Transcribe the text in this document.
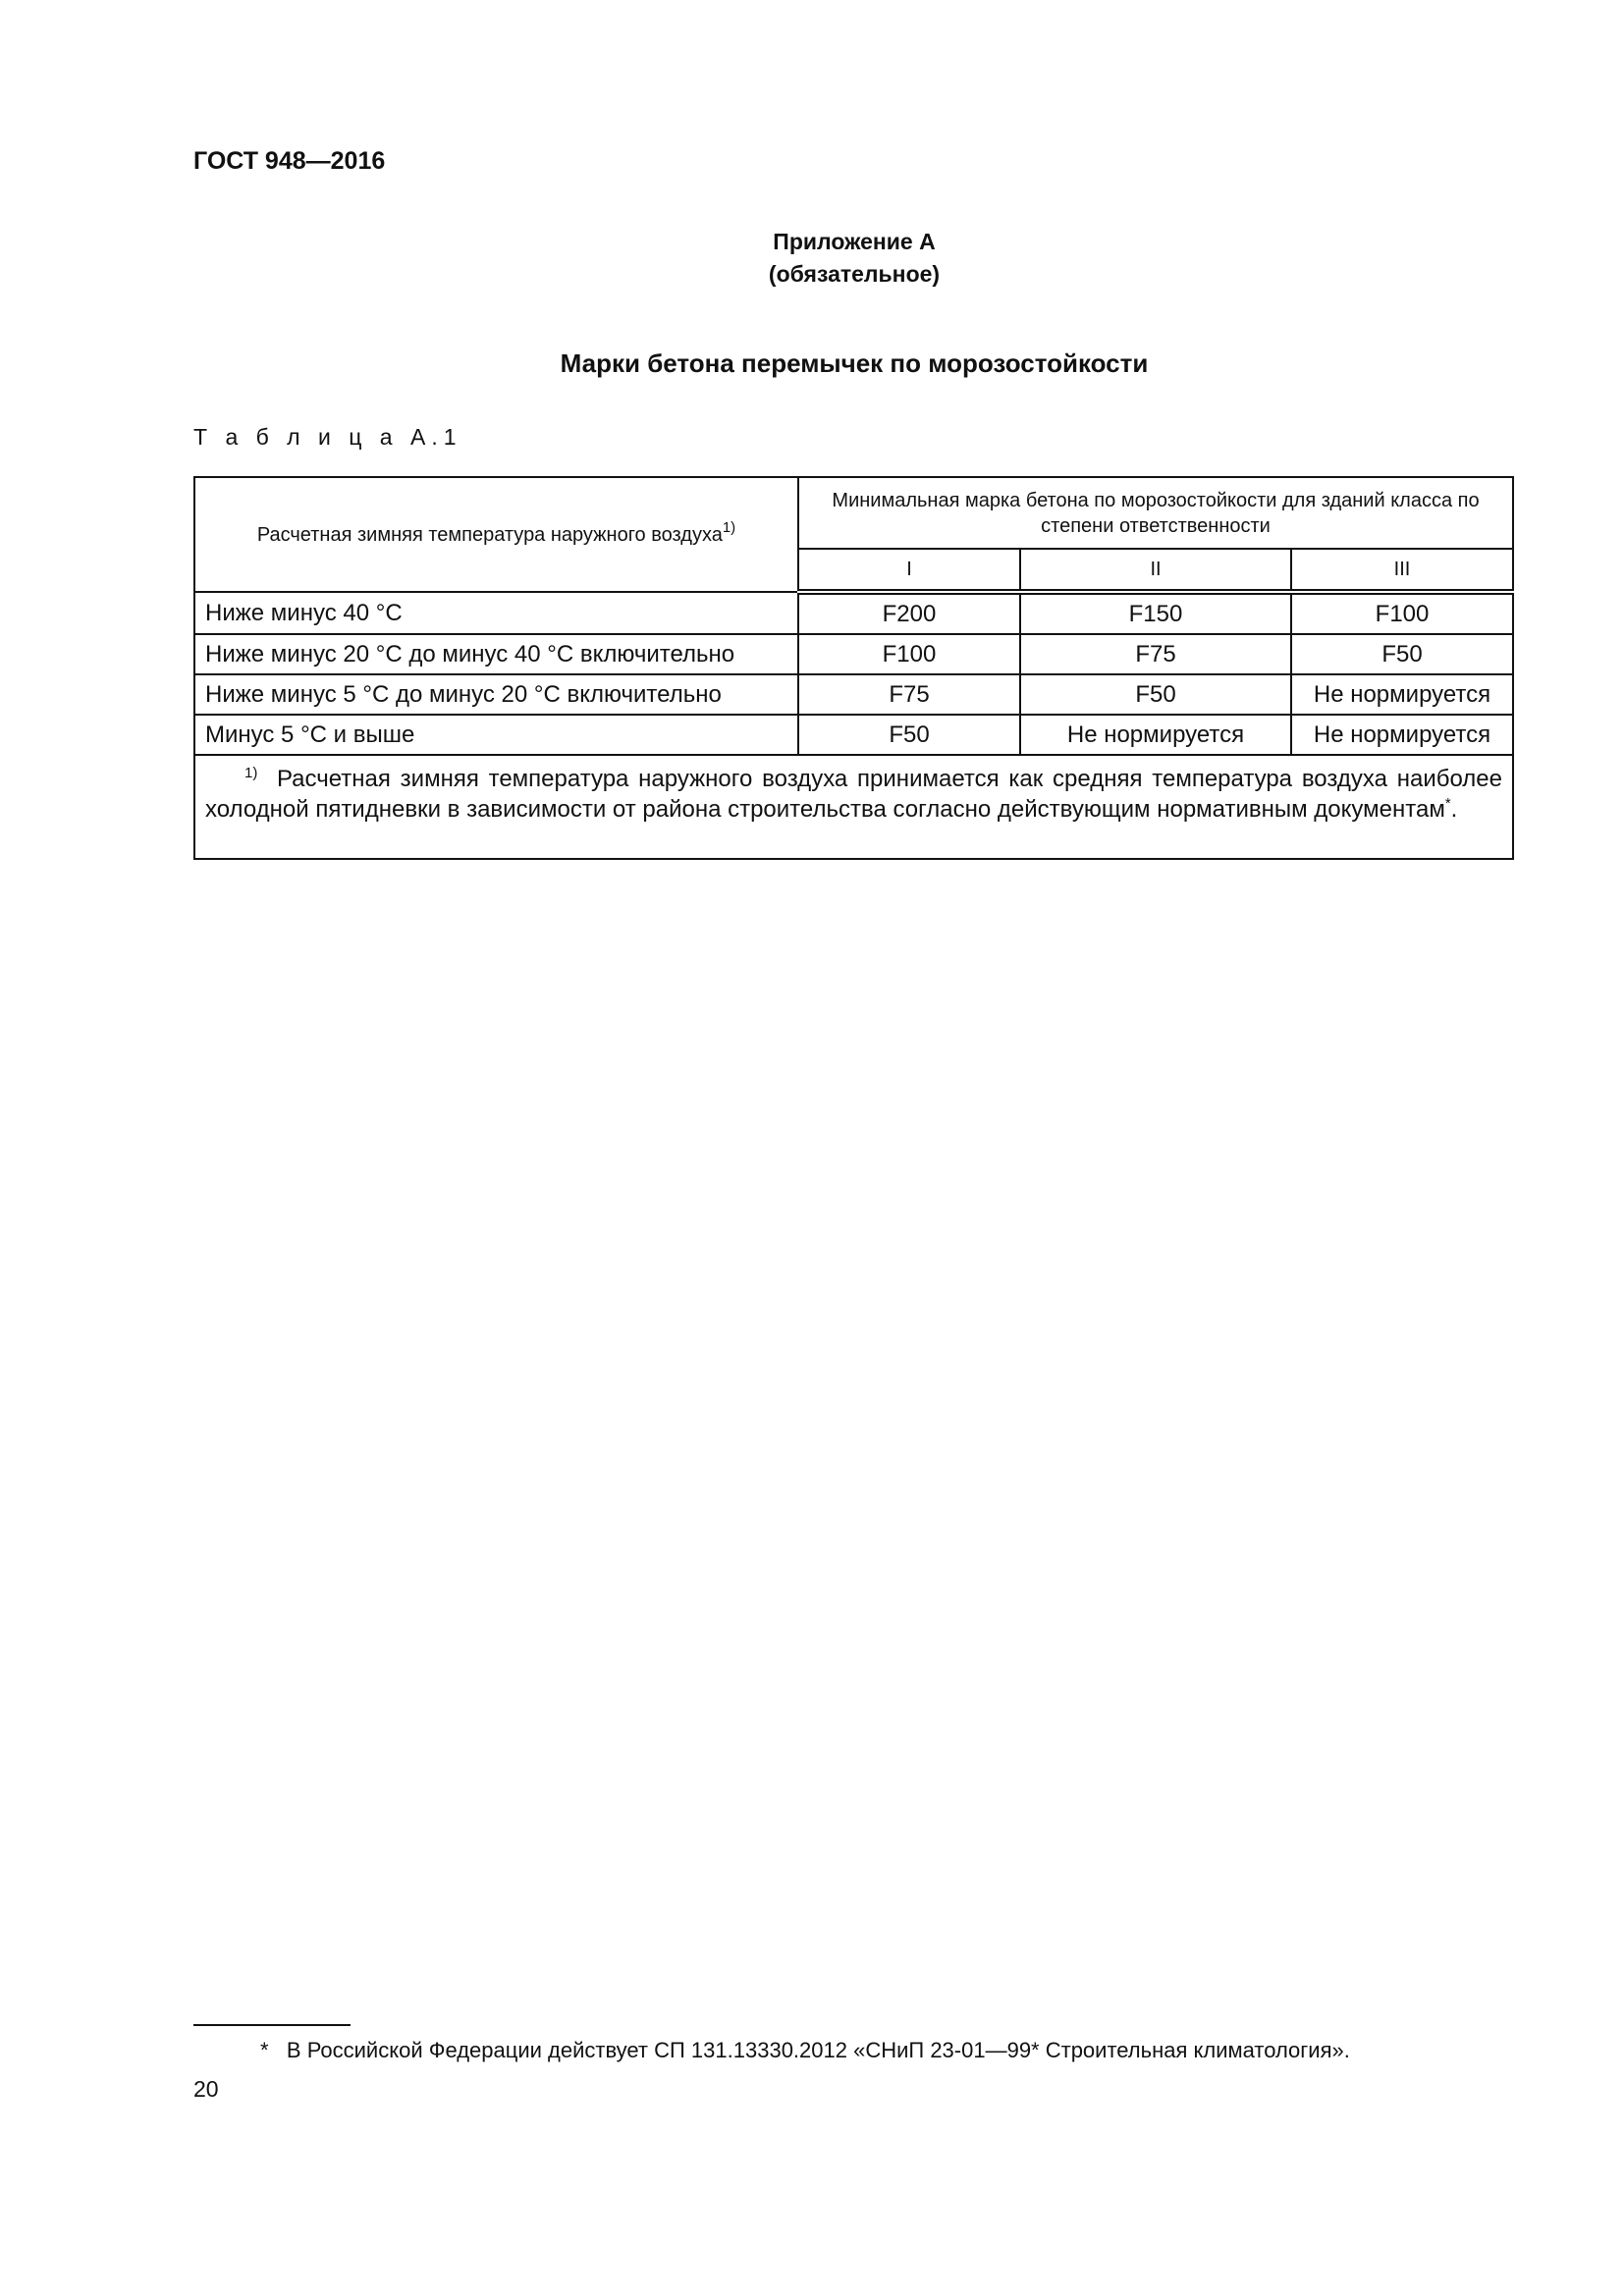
ГОСТ 948—2016
Приложение А
(обязательное)
Марки бетона перемычек по морозостойкости
Т а б л и ц а А.1
Расчетная зимняя температура наружного воздуха$^{1)}$	Минимальная марка бетона по морозостойкости для зданий класса по степени ответственности		
	I	II	III
Ниже минус 40 °С	F200	F150	F100
Ниже минус 20 °С до минус 40 °С включительно	F100	F75	F50
Ниже минус 5 °С до минус 20 °С включительно	F75	F50	Не нормируется
Минус 5 °С и выше	F50	Не нормируется	Не нормируется
$^{1)}$ Расчетная зимняя температура наружного воздуха принимается как средняя температура воздуха наиболее холодной пятидневки в зависимости от района строительства согласно действующим нормативным документам*.			
* В Российской Федерации действует СП 131.13330.2012 «СНиП 23-01—99* Строительная климатология».
20
